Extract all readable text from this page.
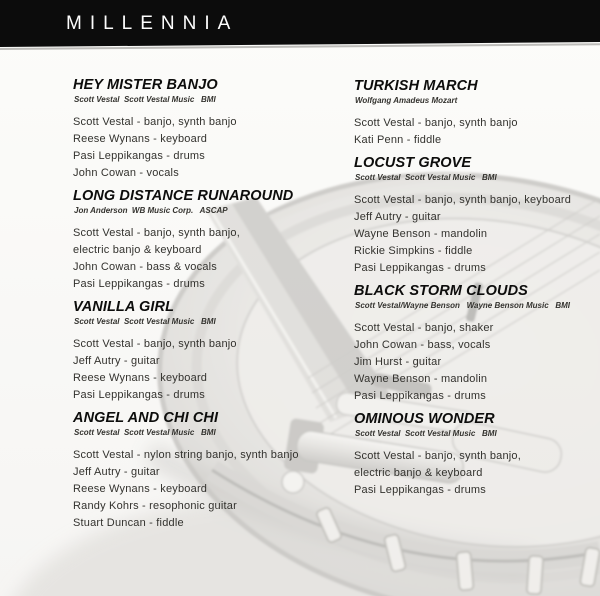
MILLENNIA
HEY MISTER BANJO

Scott Vestal  Scott Vestal Music   BMI

Scott Vestal - banjo, synth banjo
Reese Wynans - keyboard
Pasi Leppikangas - drums
John Cowan - vocals
LONG DISTANCE RUNAROUND

Jon Anderson  WB Music Corp.   ASCAP

Scott Vestal - banjo, synth banjo,
electric banjo & keyboard
John Cowan - bass & vocals
Pasi Leppikangas - drums
VANILLA GIRL

Scott Vestal  Scott Vestal Music   BMI

Scott Vestal - banjo, synth banjo
Jeff Autry - guitar
Reese Wynans - keyboard
Pasi Leppikangas - drums
ANGEL AND CHI CHI

Scott Vestal  Scott Vestal Music   BMI

Scott Vestal - nylon string banjo, synth banjo
Jeff Autry - guitar
Reese Wynans - keyboard
Randy Kohrs - resophonic guitar
Stuart Duncan - fiddle
TURKISH MARCH

Wolfgang Amadeus Mozart

Scott Vestal - banjo, synth banjo
Kati Penn - fiddle
LOCUST GROVE

Scott Vestal  Scott Vestal Music   BMI

Scott Vestal - banjo, synth banjo, keyboard
Jeff Autry - guitar
Wayne Benson - mandolin
Rickie Simpkins - fiddle
Pasi Leppikangas - drums
BLACK STORM CLOUDS

Scott Vestal/Wayne Benson   Wayne Benson Music   BMI

Scott Vestal - banjo, shaker
John Cowan - bass, vocals
Jim Hurst - guitar
Wayne Benson - mandolin
Pasi Leppikangas - drums
OMINOUS WONDER

Scott Vestal  Scott Vestal Music   BMI

Scott Vestal - banjo, synth banjo,
electric banjo & keyboard
Pasi Leppikangas - drums
